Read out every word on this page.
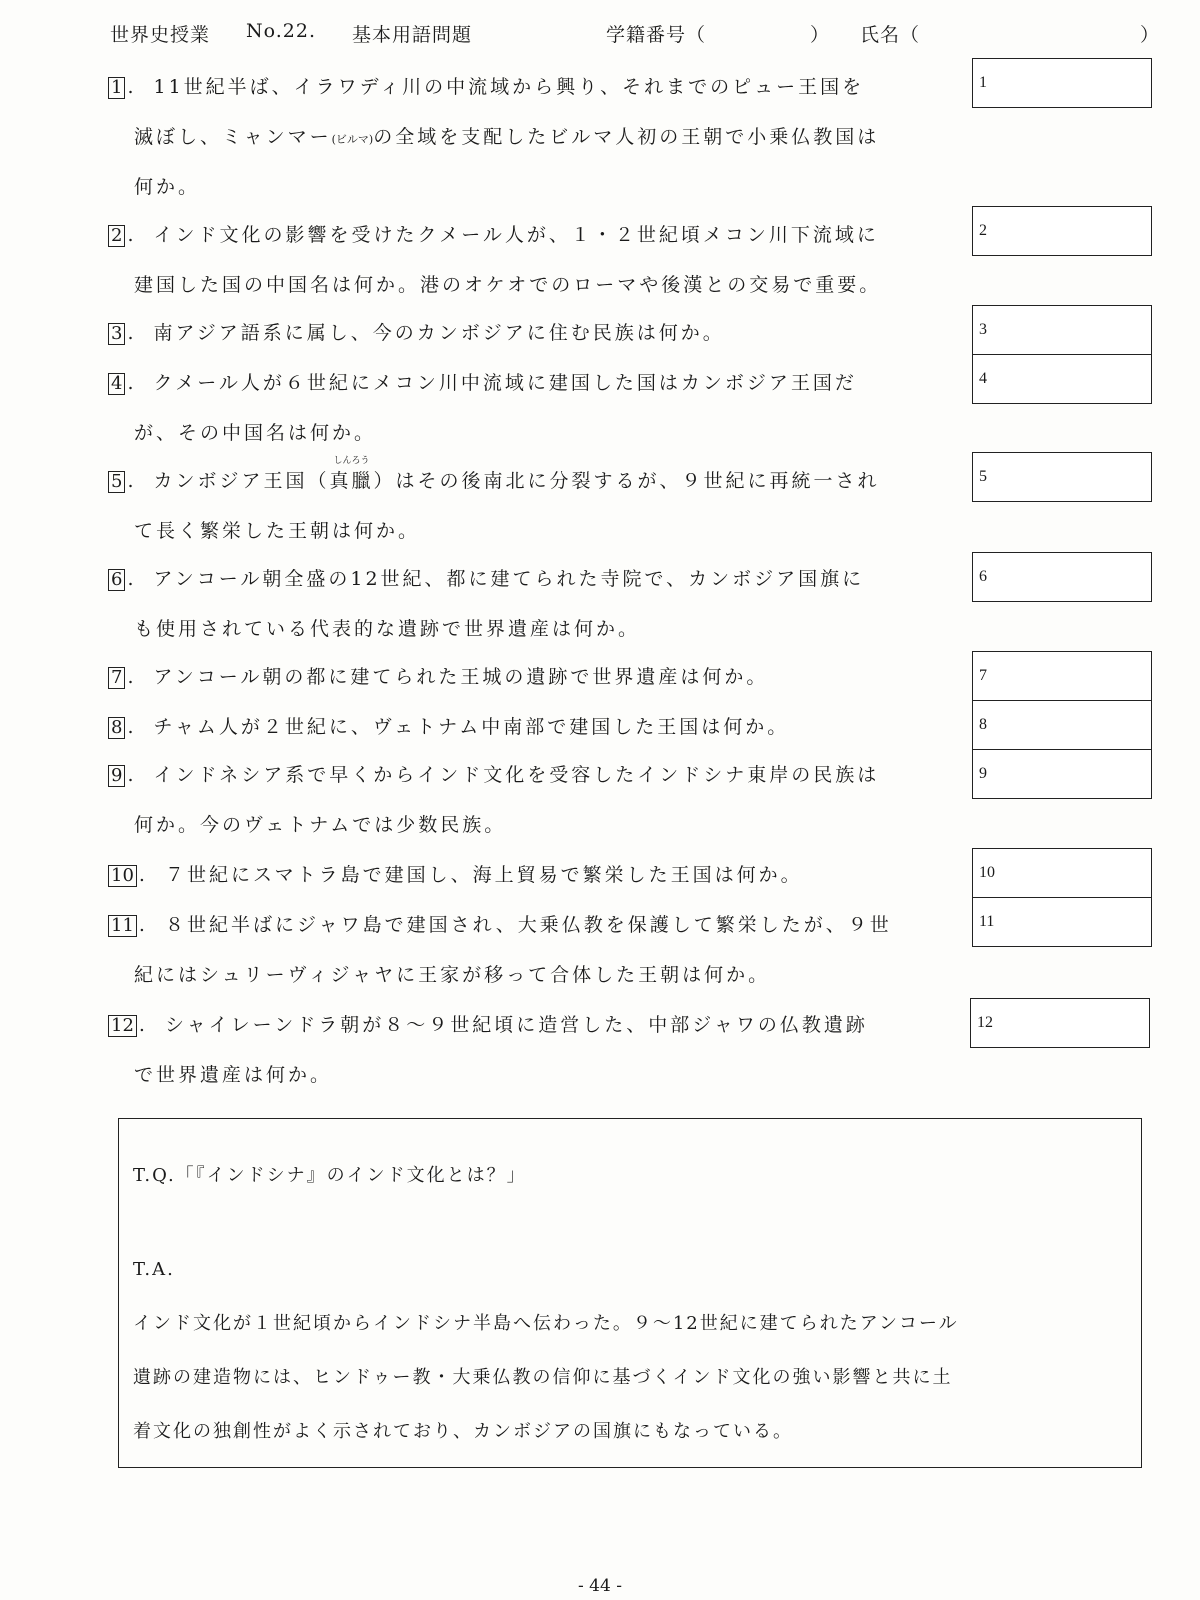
世界史授業 No.22. 基本用語問題	学籍番号（	） 氏名（	）
1 . 11世紀半ば、イラワディ川の中流域から興り、それまでのピュー王国を
滅ぼし、ミャンマー(ビルマ)の全域を支配したビルマ人初の王朝で小乗仏教国は
何か。
1
2 . インド文化の影響を受けたクメール人が、１・２世紀頃メコン川下流域に
建国した国の中国名は何か。港のオケオでのローマや後漢との交易で重要。
2
3 . 南アジア語系に属し、今のカンボジアに住む民族は何か。	3
4 . クメール人が６世紀にメコン川中流域に建国した国はカンボジア王国だ
が、その中国名は何か。
4
5 . カンボジア王国（
しんろう
真臘）はその後南北に分裂するが、９世紀に再統一され
て長く繁栄した王朝は何か。
5
6 . アンコール朝全盛の12世紀、都に建てられた寺院で、カンボジア国旗に
も使用されている代表的な遺跡で世界遺産は何か。
6
7 . アンコール朝の都に建てられた王城の遺跡で世界遺産は何か。	7
8 . チャム人が２世紀に、ヴェトナム中南部で建国した王国は何か。	8
9 . インドネシア系で早くからインド文化を受容したインドシナ東岸の民族は
何か。今のヴェトナムでは少数民族。
9
10 . ７世紀にスマトラ島で建国し、海上貿易で繁栄した王国は何か。	10
11 . ８世紀半ばにジャワ島で建国され、大乗仏教を保護して繁栄したが、９世
紀にはシュリーヴィジャヤに王家が移って合体した王朝は何か。
11
12 . シャイレーンドラ朝が８～９世紀頃に造営した、中部ジャワの仏教遺跡
で世界遺産は何か。
12
T.Q.「『インドシナ』のインド文化とは？」
T.A.
インド文化が１世紀頃からインドシナ半島へ伝わった。９～12世紀に建てられたアンコール
遺跡の建造物には、ヒンドゥー教・大乗仏教の信仰に基づくインド文化の強い影響と共に土
着文化の独創性がよく示されており、カンボジアの国旗にもなっている。
- 44 -
